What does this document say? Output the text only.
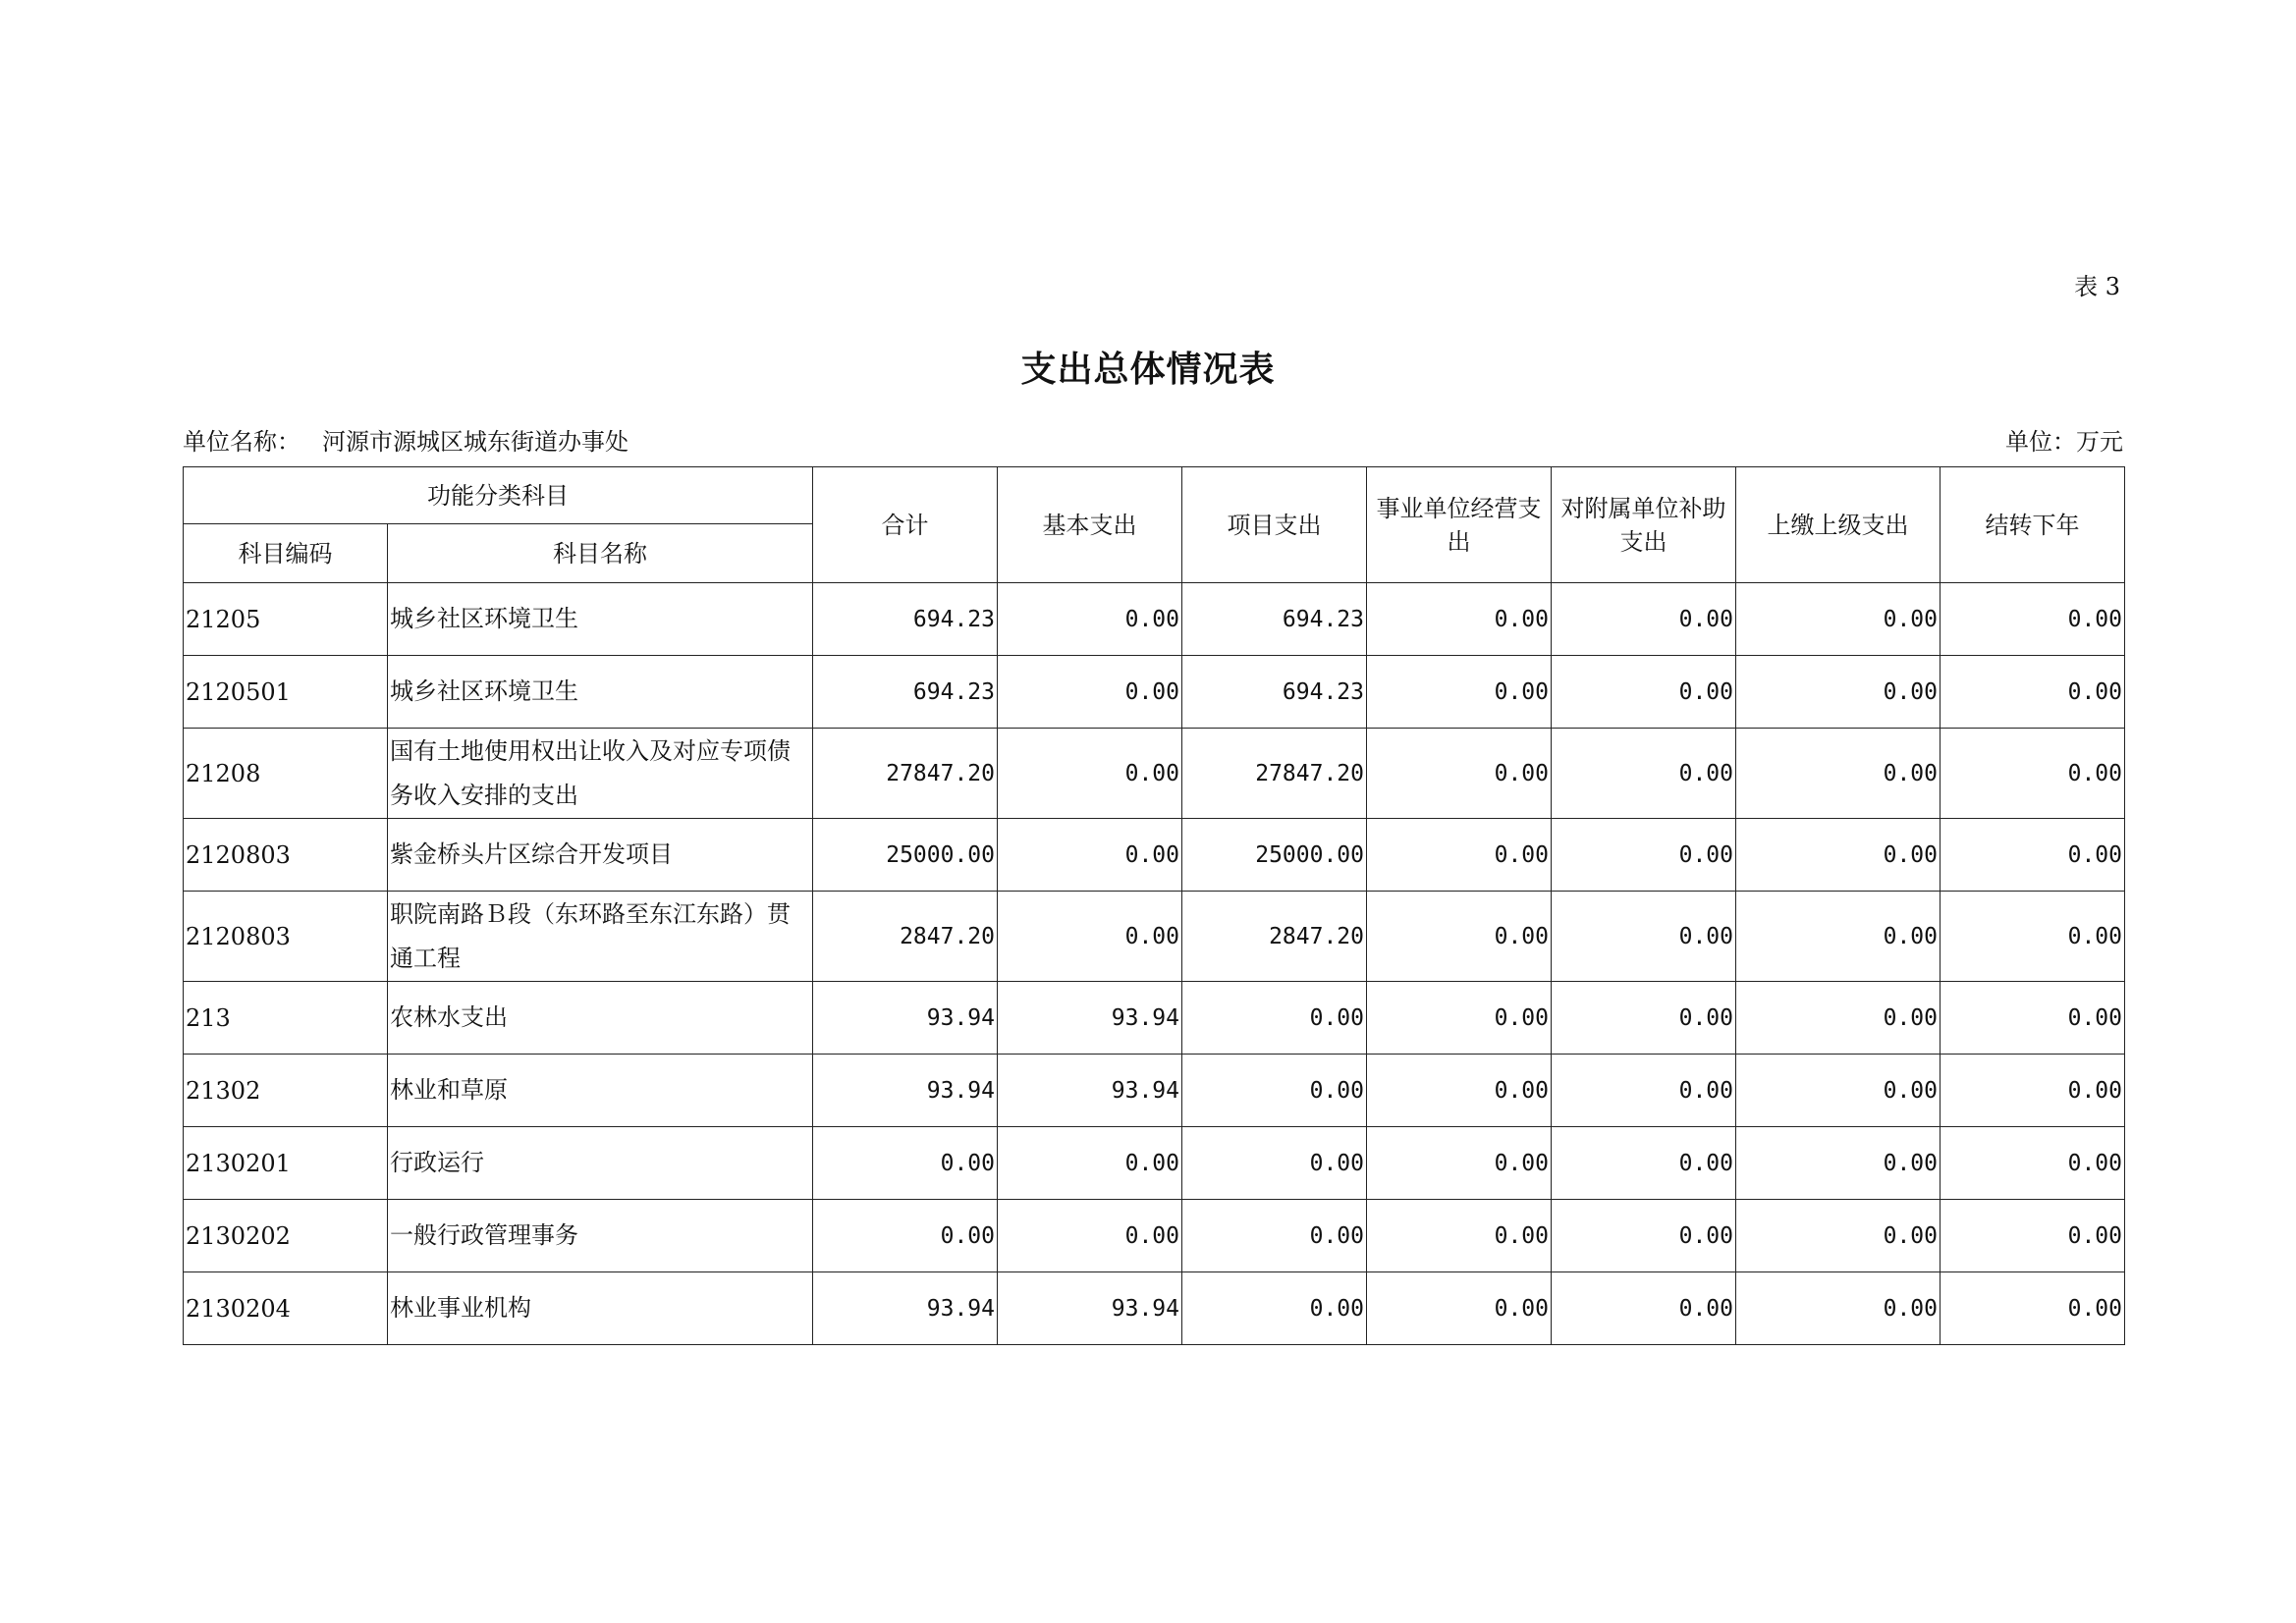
表 3
支出总体情况表
单位名称： 河源市源城区城东街道办事处	单位：万元
功能分类科目		合计	基本支出	项目支出	事业单位经营支出	对附属单位补助支出	上缴上级支出	结转下年
科目编码	科目名称							
21205	城乡社区环境卫生	694.23	0.00	694.23	0.00	0.00	0.00	0.00
2120501	城乡社区环境卫生	694.23	0.00	694.23	0.00	0.00	0.00	0.00
21208	国有土地使用权出让收入及对应专项债务收入安排的支出	27847.20	0.00	27847.20	0.00	0.00	0.00	0.00
2120803	紫金桥头片区综合开发项目	25000.00	0.00	25000.00	0.00	0.00	0.00	0.00
2120803	职院南路Ｂ段（东环路至东江东路）贯通工程	2847.20	0.00	2847.20	0.00	0.00	0.00	0.00
213	农林水支出	93.94	93.94	0.00	0.00	0.00	0.00	0.00
21302	林业和草原	93.94	93.94	0.00	0.00	0.00	0.00	0.00
2130201	行政运行	0.00	0.00	0.00	0.00	0.00	0.00	0.00
2130202	一般行政管理事务	0.00	0.00	0.00	0.00	0.00	0.00	0.00
2130204	林业事业机构	93.94	93.94	0.00	0.00	0.00	0.00	0.00
